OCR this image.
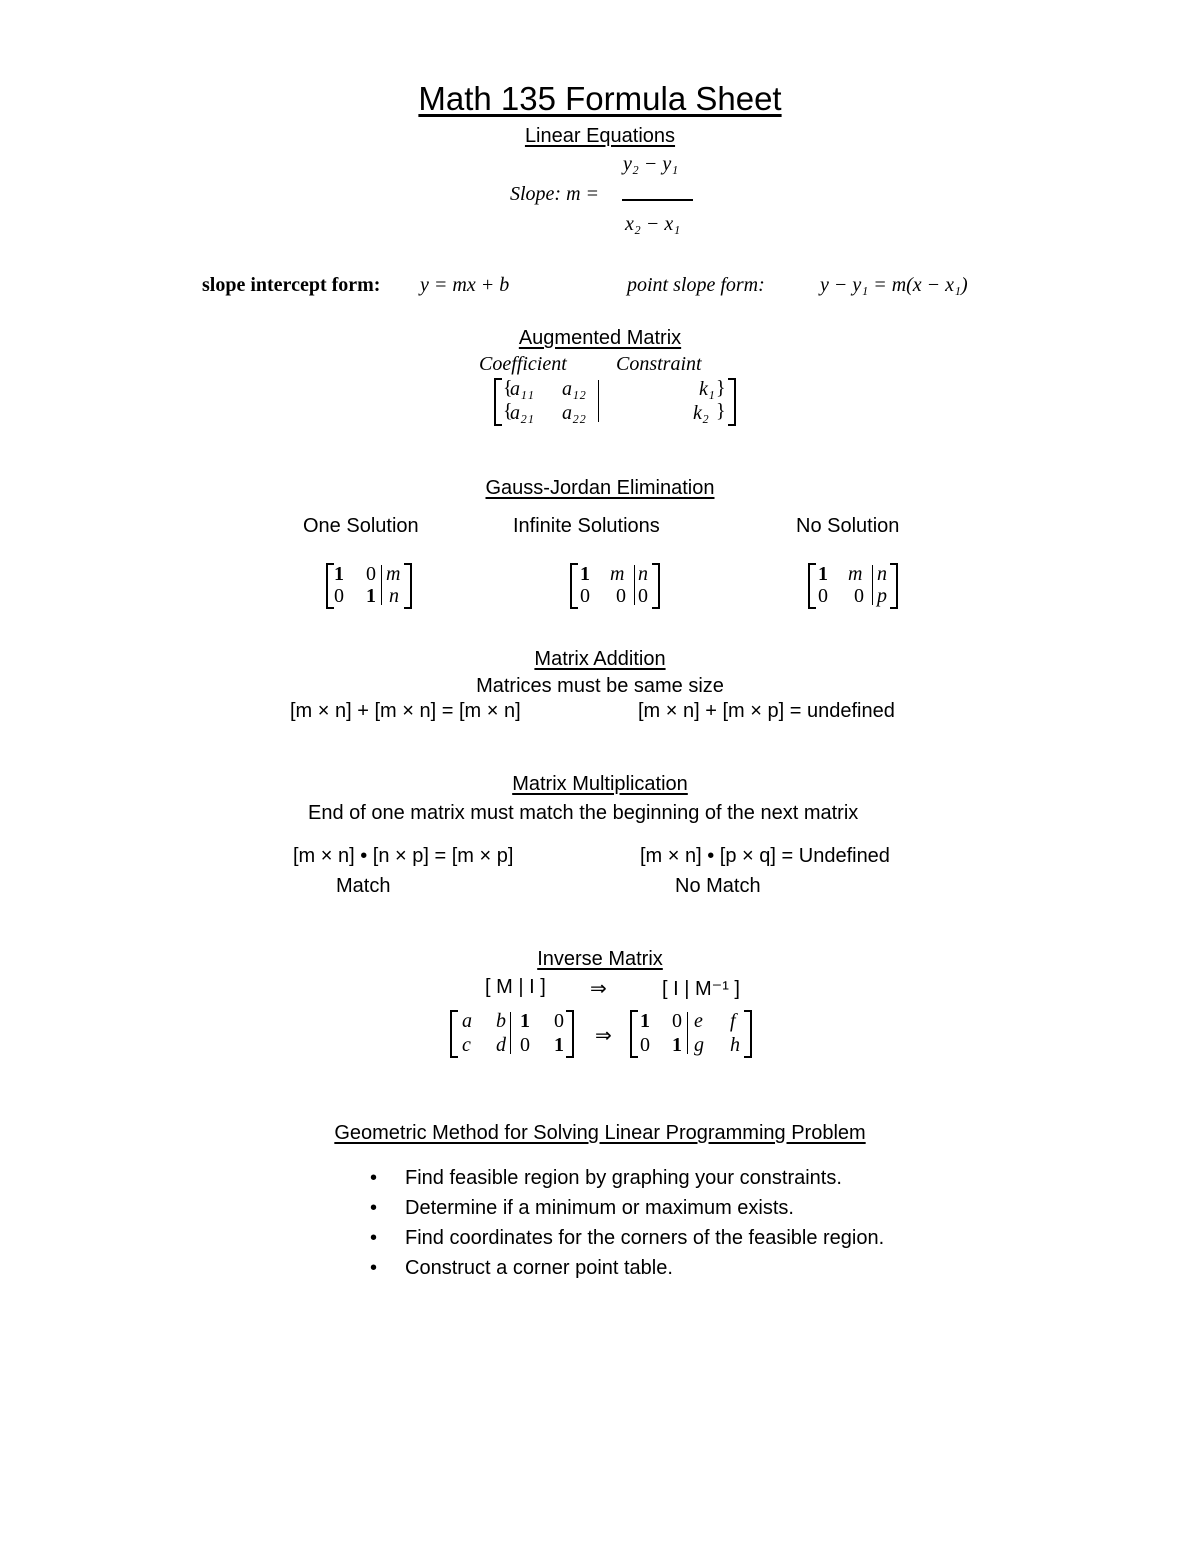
Math 135 Formula Sheet
Linear Equations
Slope: m =
y₂ − y₁
x₂ − x₁
slope intercept form: y = mx + b	point slope form:	y − y₁ = m(x − x₁)
Augmented Matrix
Coefficient Constraint
{
{
a₁₁ a₁₂	k₁
a₂₁ a₂₂	k₂
}
}
Gauss-Jordan Elimination
One Solution	Infinite Solutions	No Solution
1 0 m
0 1 n
1 m n
0 0 0
1 m n
0 0 p
Matrix Addition
Matrices must be same size
[m × n] + [m × n] = [m × n]	[m × n] + [m × p] = undefined
Matrix Multiplication
End of one matrix must match the beginning of the next matrix
[m × n] • [n × p] = [m × p]	[m × n] • [p × q] = Undefined
Match	No Match
Inverse Matrix
[ M | I ] ⇒	[ I | M⁻¹ ]
a b 1 0
c d 0 1 ⇒
1 0 e f
0 1 g h
Geometric Method for Solving Linear Programming Problem
• Find feasible region by graphing your constraints.
• Determine if a minimum or maximum exists.
• Find coordinates for the corners of the feasible region.
• Construct a corner point table.
